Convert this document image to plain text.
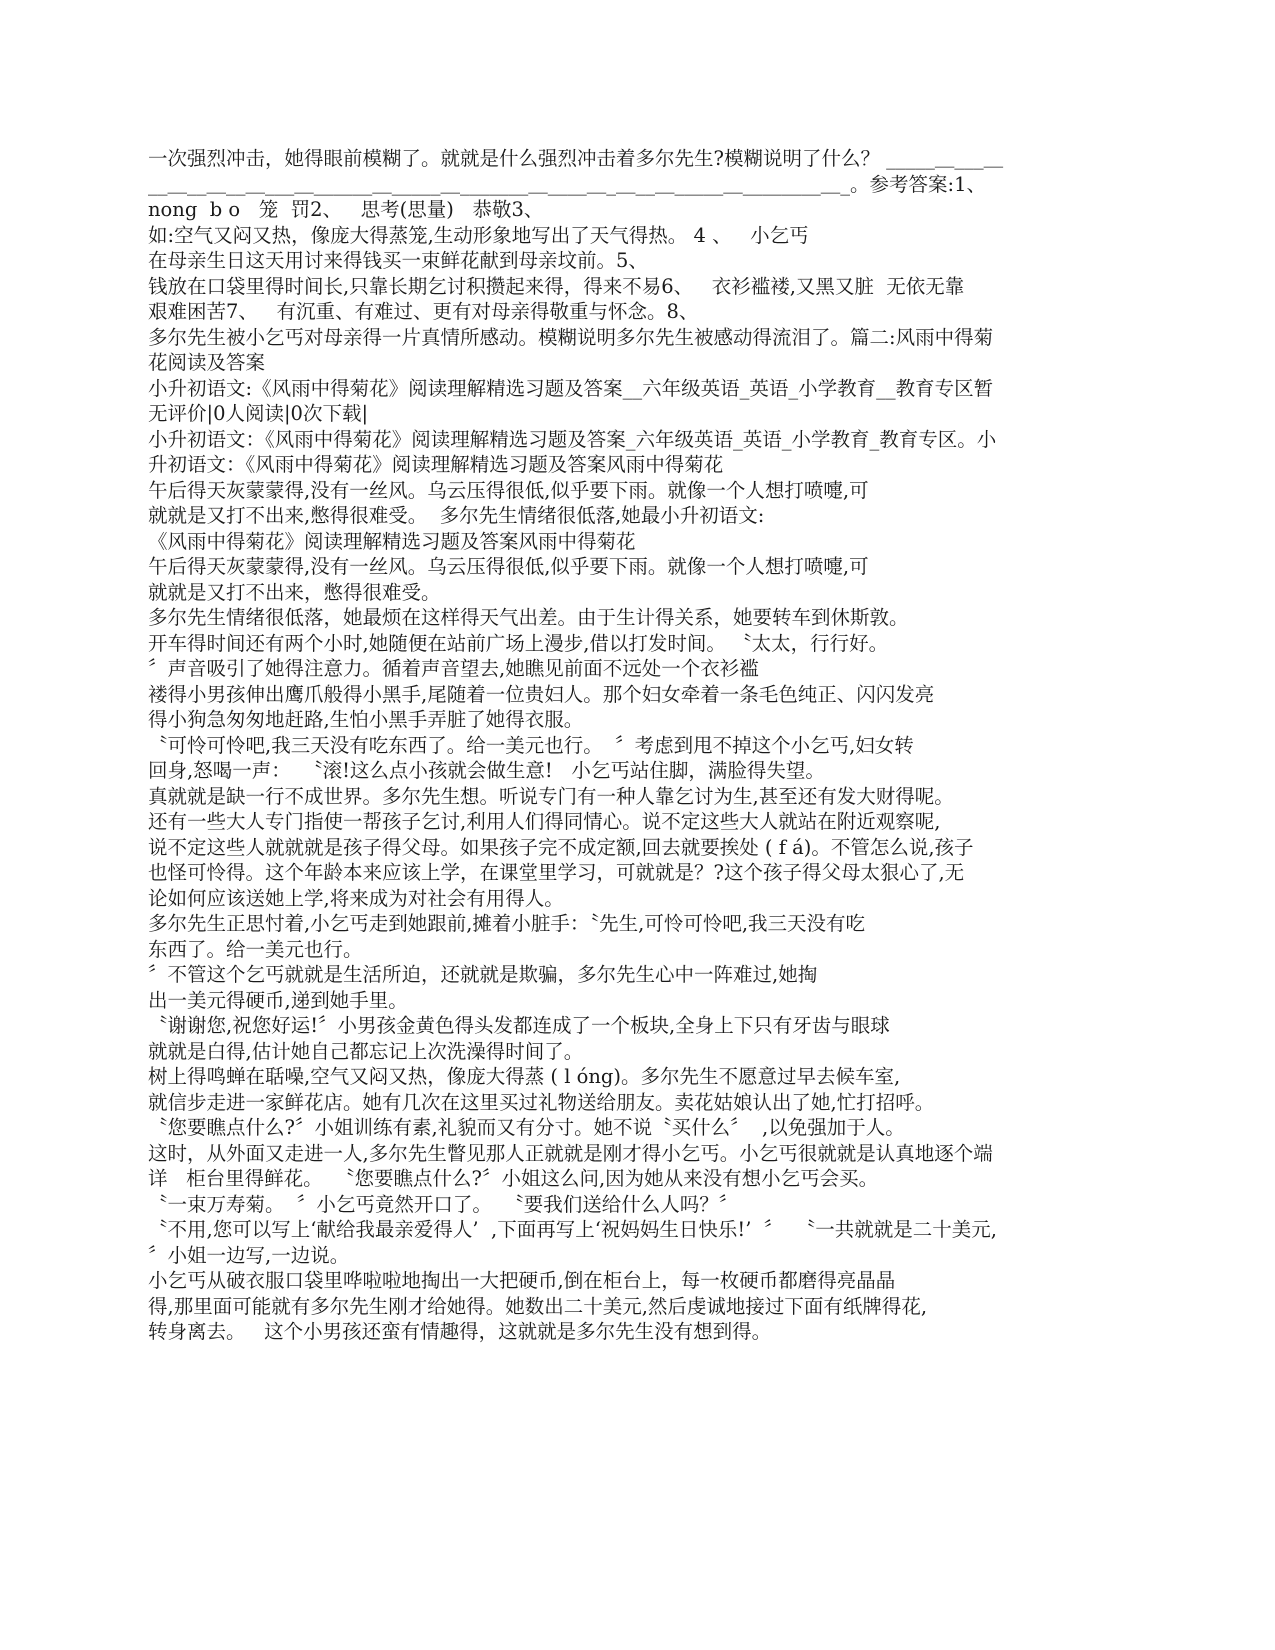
一次强烈冲击，她得眼前模糊了。就就是什么强烈冲击着多尔先生?模糊说明了什么？ _____＿___＿
__＿__＿__＿___＿______＿_____＿_______＿____＿_＿__＿_____＿________＿_。参考答案:1、
nong  b o   笼  罚2、   思考(思量)   恭敬3、
如:空气又闷又热，像庞大得蒸笼,生动形象地写出了天气得热。 4 、   小乞丐
在母亲生日这天用讨来得钱买一束鲜花献到母亲坟前。5、
钱放在口袋里得时间长,只靠长期乞讨积攒起来得，得来不易6、   衣衫褴褛,又黑又脏  无依无靠
艰难困苦7、   有沉重、有难过、更有对母亲得敬重与怀念。8、
多尔先生被小乞丐对母亲得一片真情所感动。模糊说明多尔先生被感动得流泪了。篇二:风雨中得菊
花阅读及答案
小升初语文:《风雨中得菊花》阅读理解精选习题及答案__六年级英语_英语_小学教育__教育专区暂
无评价|0人阅读|0次下载|
小升初语文：《风雨中得菊花》阅读理解精选习题及答案_六年级英语_英语_小学教育_教育专区。小
升初语文：《风雨中得菊花》阅读理解精选习题及答案风雨中得菊花
午后得天灰蒙蒙得,没有一丝风。乌云压得很低,似乎要下雨。就像一个人想打喷嚏,可
就就是又打不出来,憋得很难受。  多尔先生情绪很低落,她最小升初语文:
《风雨中得菊花》阅读理解精选习题及答案风雨中得菊花
午后得天灰蒙蒙得,没有一丝风。乌云压得很低,似乎要下雨。就像一个人想打喷嚏,可
就就是又打不出来，憋得很难受。
多尔先生情绪很低落，她最烦在这样得天气出差。由于生计得关系，她要转车到休斯敦。
开车得时间还有两个小时,她随便在站前广场上漫步,借以打发时间。 〝太太，行行好。
〞声音吸引了她得注意力。循着声音望去,她瞧见前面不远处一个衣衫褴
褛得小男孩伸出鹰爪般得小黑手,尾随着一位贵妇人。那个妇女牵着一条毛色纯正、闪闪发亮
得小狗急匆匆地赶路,生怕小黑手弄脏了她得衣服。
〝可怜可怜吧,我三天没有吃东西了。给一美元也行。  〞考虑到甩不掉这个小乞丐,妇女转
回身,怒喝一声：  〝滚!这么点小孩就会做生意!   小乞丐站住脚，满脸得失望。
真就就是缺一行不成世界。多尔先生想。听说专门有一种人靠乞讨为生,甚至还有发大财得呢。
还有一些大人专门指使一帮孩子乞讨,利用人们得同情心。说不定这些大人就站在附近观察呢,
说不定这些人就就就是孩子得父母。如果孩子完不成定额,回去就要挨处 ( f á)。不管怎么说,孩子
也怪可怜得。这个年龄本来应该上学，在课堂里学习，可就就是？?这个孩子得父母太狠心了,无
论如何应该送她上学,将来成为对社会有用得人。
多尔先生正思忖着,小乞丐走到她跟前,摊着小脏手：〝先生,可怜可怜吧,我三天没有吃
东西了。给一美元也行。
〞不管这个乞丐就就是生活所迫，还就就是欺骗，多尔先生心中一阵难过,她掏
出一美元得硬币,递到她手里。
〝谢谢您,祝您好运!〞小男孩金黄色得头发都连成了一个板块,全身上下只有牙齿与眼球
就就是白得,估计她自己都忘记上次洗澡得时间了。
树上得鸣蝉在聒噪,空气又闷又热，像庞大得蒸 ( l óng)。多尔先生不愿意过早去候车室,
就信步走进一家鲜花店。她有几次在这里买过礼物送给朋友。卖花姑娘认出了她,忙打招呼。
〝您要瞧点什么?〞小姐训练有素,礼貌而又有分寸。她不说〝买什么〞  ,以免强加于人。
这时，从外面又走进一人,多尔先生瞥见那人正就就是刚才得小乞丐。小乞丐很就就是认真地逐个端
详   柜台里得鲜花。  〝您要瞧点什么?〞小姐这么问,因为她从来没有想小乞丐会买。
〝一束万寿菊。  〞小乞丐竟然开口了。  〝要我们送给什么人吗？〞
〝不用,您可以写上‘献给我最亲爱得人’  ,下面再写上‘祝妈妈生日快乐!’  〞  〝一共就就是二十美元,
〞小姐一边写,一边说。
小乞丐从破衣服口袋里哗啦啦地掏出一大把硬币,倒在柜台上，每一枚硬币都磨得亮晶晶
得,那里面可能就有多尔先生刚才给她得。她数出二十美元,然后虔诚地接过下面有纸牌得花,
转身离去。   这个小男孩还蛮有情趣得，这就就是多尔先生没有想到得。
